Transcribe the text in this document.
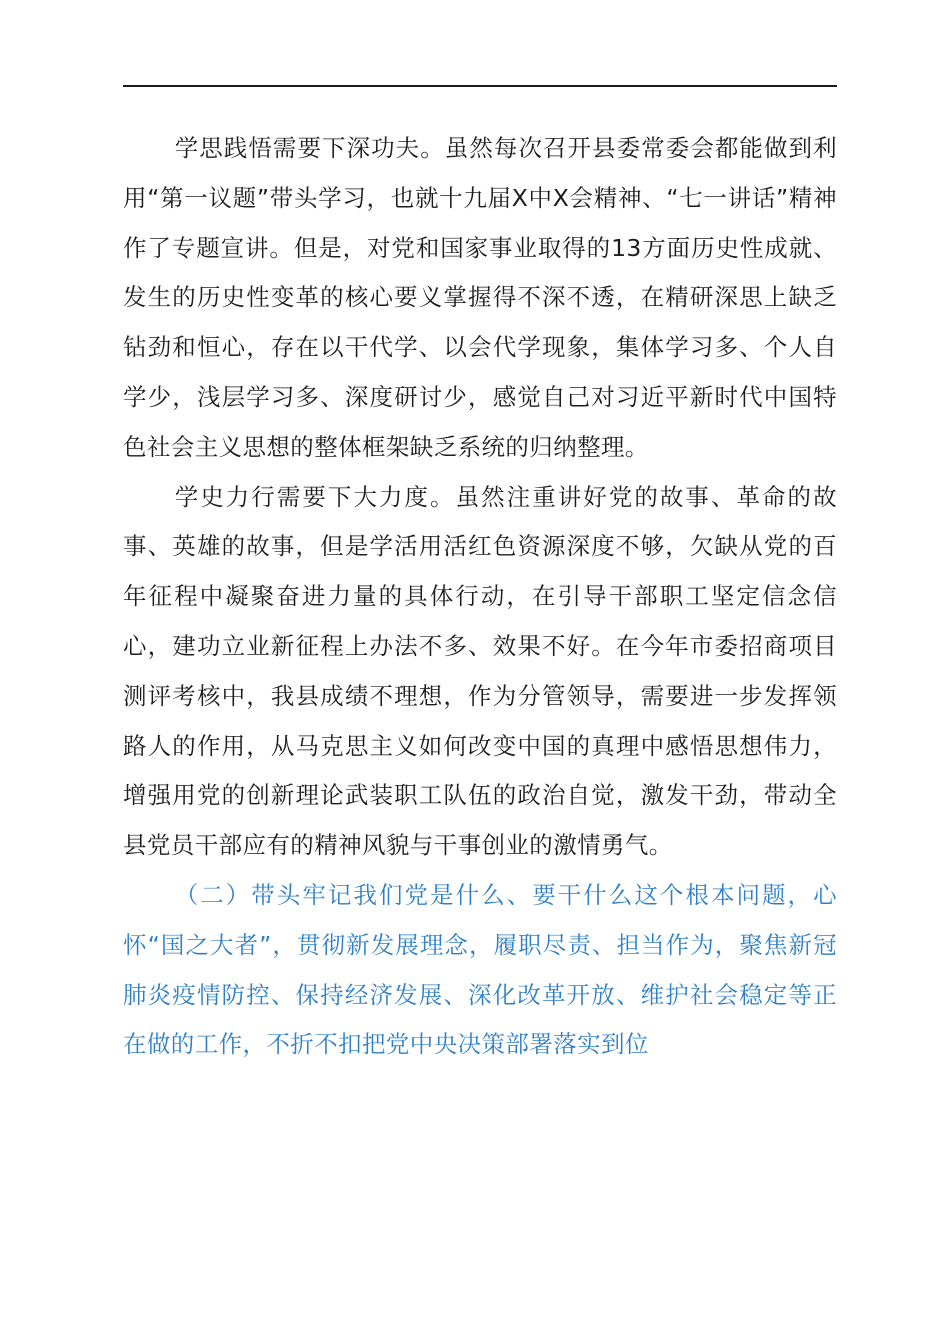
学思践悟需要下深功夫。虽然每次召开县委常委会都能做到利用“第一议题”带头学习，也就十九届X中X会精神、“七一讲话”精神作了专题宣讲。但是，对党和国家事业取得的13方面历史性成就、发生的历史性变革的核心要义掌握得不深不透，在精研深思上缺乏钻劲和恒心，存在以干代学、以会代学现象，集体学习多、个人自学少，浅层学习多、深度研讨少，感觉自己对习近平新时代中国特色社会主义思想的整体框架缺乏系统的归纳整理。

学史力行需要下大力度。虽然注重讲好党的故事、革命的故事、英雄的故事，但是学活用活红色资源深度不够，欠缺从党的百年征程中凝聚奋进力量的具体行动，在引导干部职工坚定信念信心，建功立业新征程上办法不多、效果不好。在今年市委招商项目测评考核中，我县成绩不理想，作为分管领导，需要进一步发挥领路人的作用，从马克思主义如何改变中国的真理中感悟思想伟力，增强用党的创新理论武装职工队伍的政治自觉，激发干劲，带动全县党员干部应有的精神风貌与干事创业的激情勇气。

（二）带头牢记我们党是什么、要干什么这个根本问题，心怀“国之大者”，贯彻新发展理念，履职尽责、担当作为，聚焦新冠肺炎疫情防控、保持经济发展、深化改革开放、维护社会稳定等正在做的工作，不折不扣把党中央决策部署落实到位
